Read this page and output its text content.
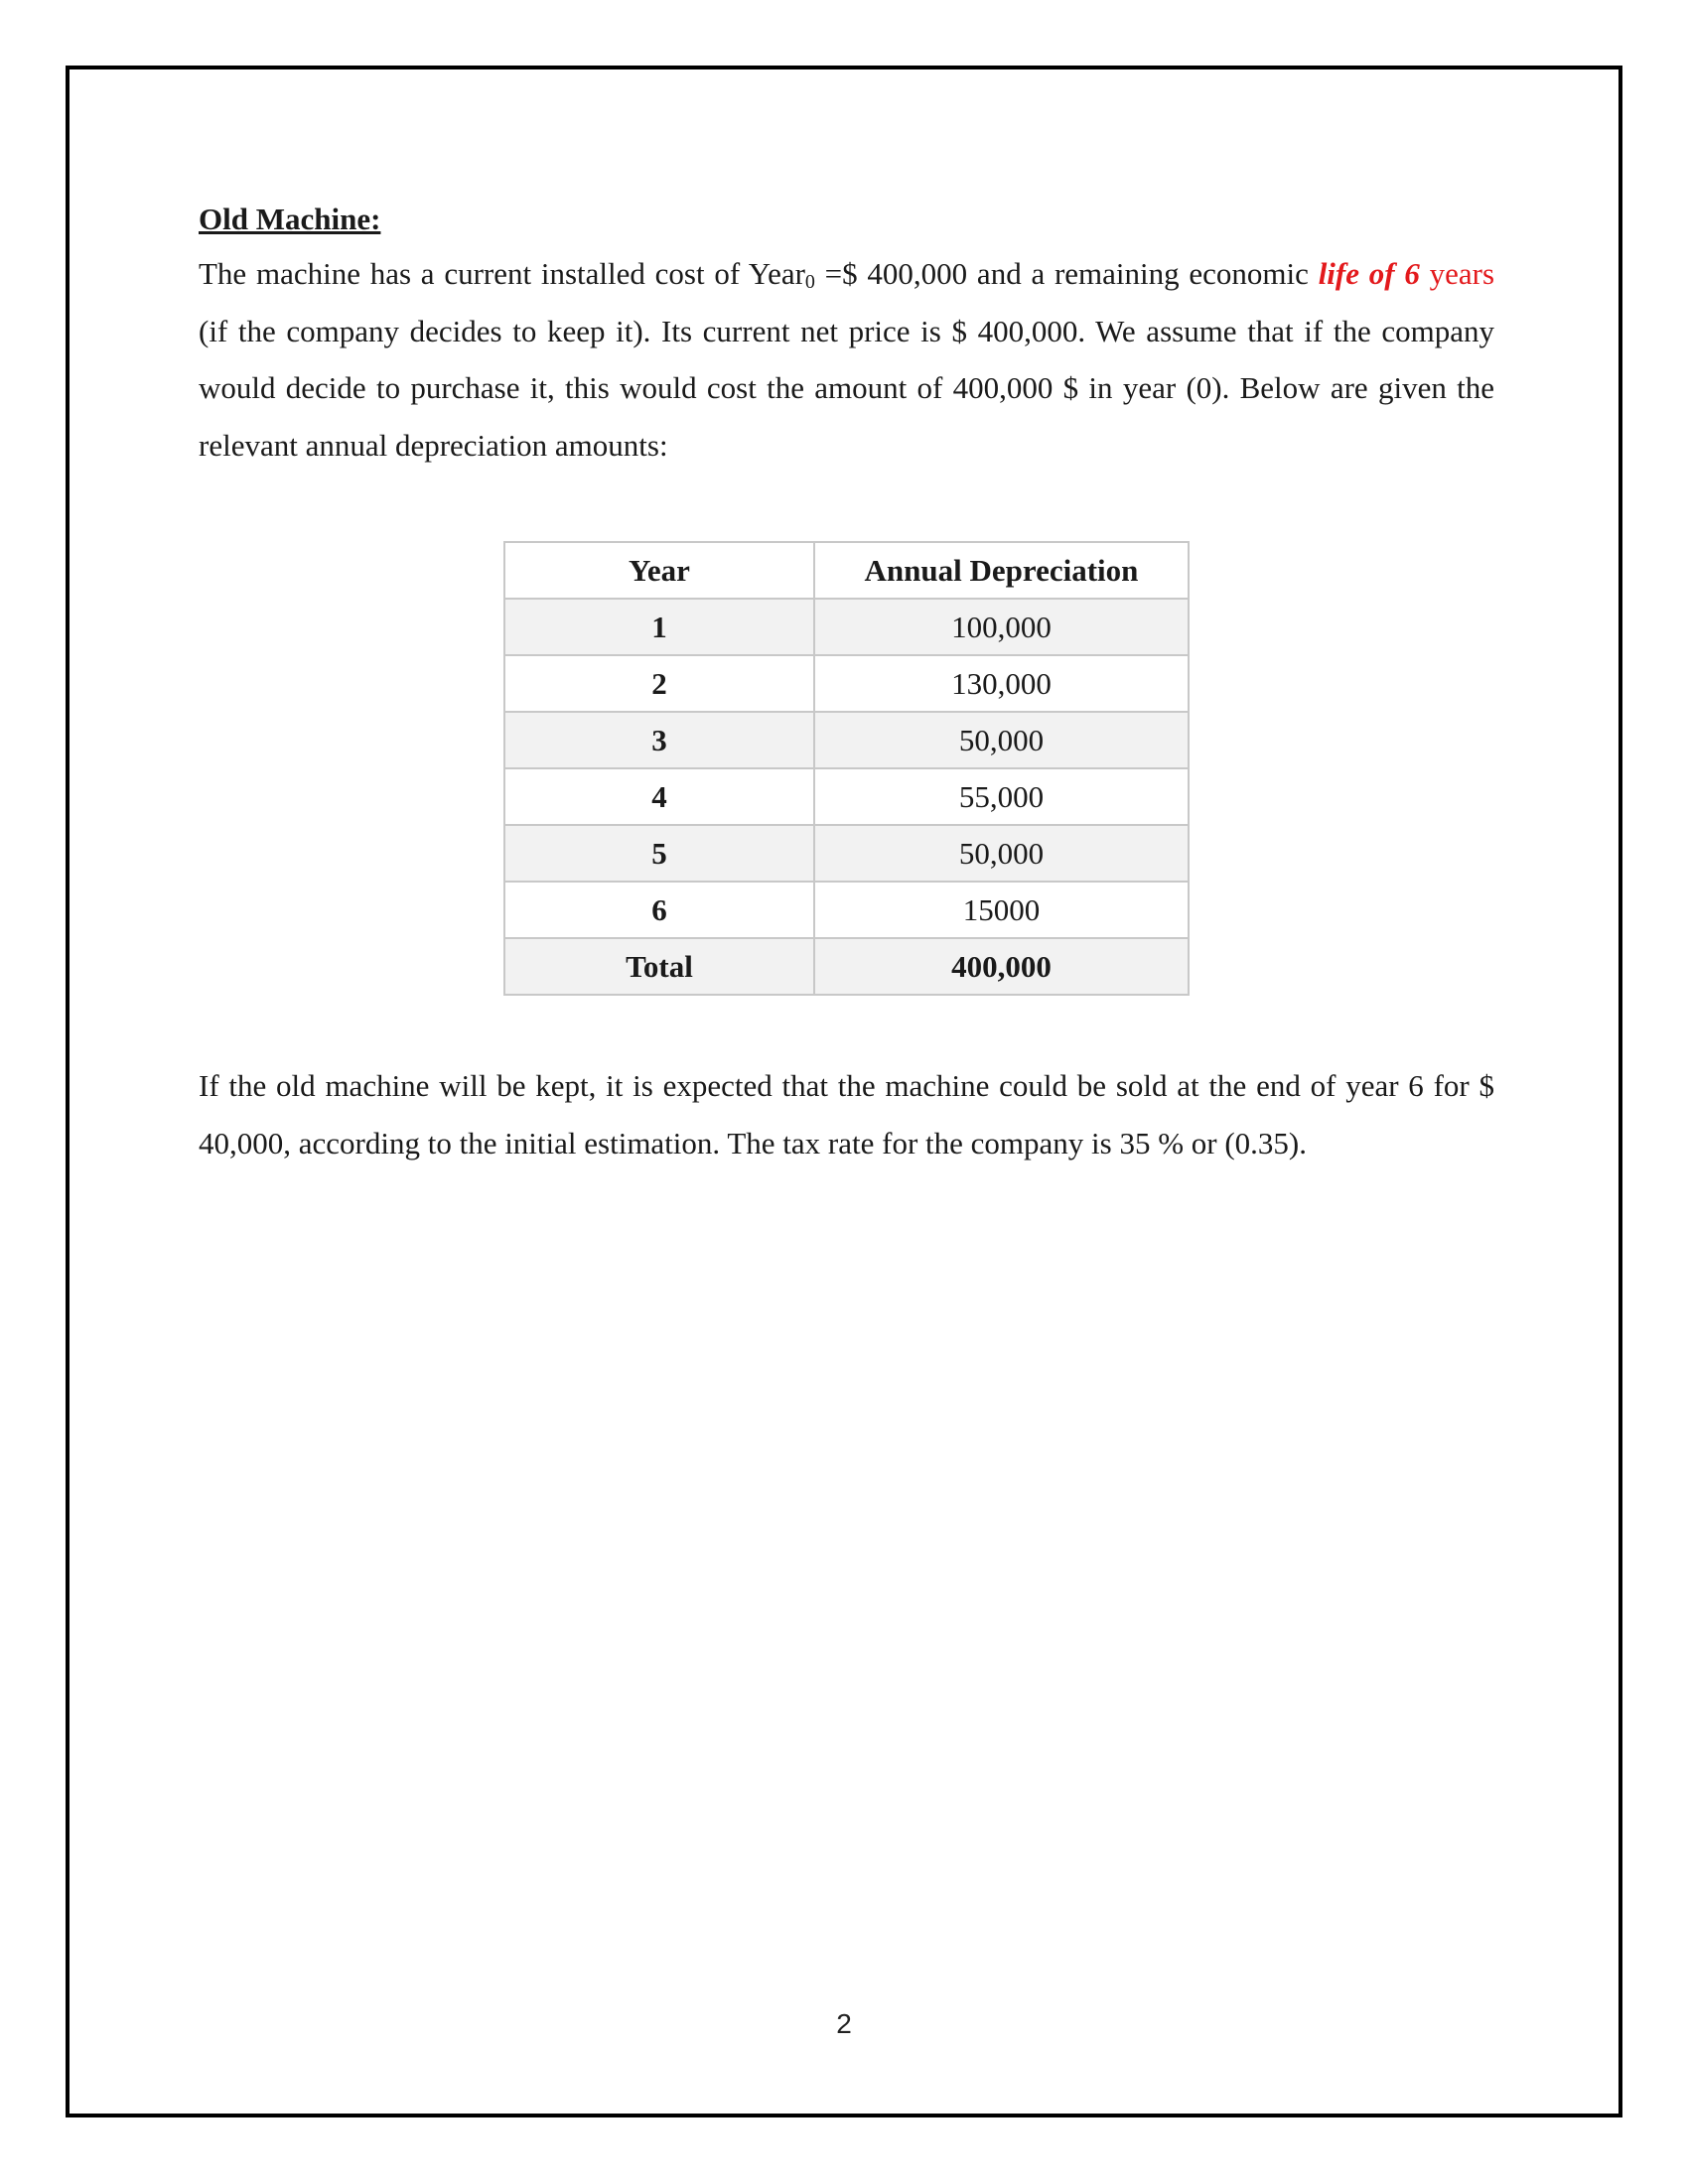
Old Machine:

The machine has a current installed cost of Year$_0$ =$ 400,000 and a remaining economic life of 6 years (if the company decides to keep it). Its current net price is $ 400,000. We assume that if the company would decide to purchase it, this would cost the amount of 400,000 $ in year (0). Below are given the relevant annual depreciation amounts:

Year	Annual Depreciation
1	100,000
2	130,000
3	50,000
4	55,000
5	50,000
6	15000
Total	400,000

If the old machine will be kept, it is expected that the machine could be sold at the end of year 6 for $ 40,000, according to the initial estimation. The tax rate for the company is 35 % or (0.35).

2
